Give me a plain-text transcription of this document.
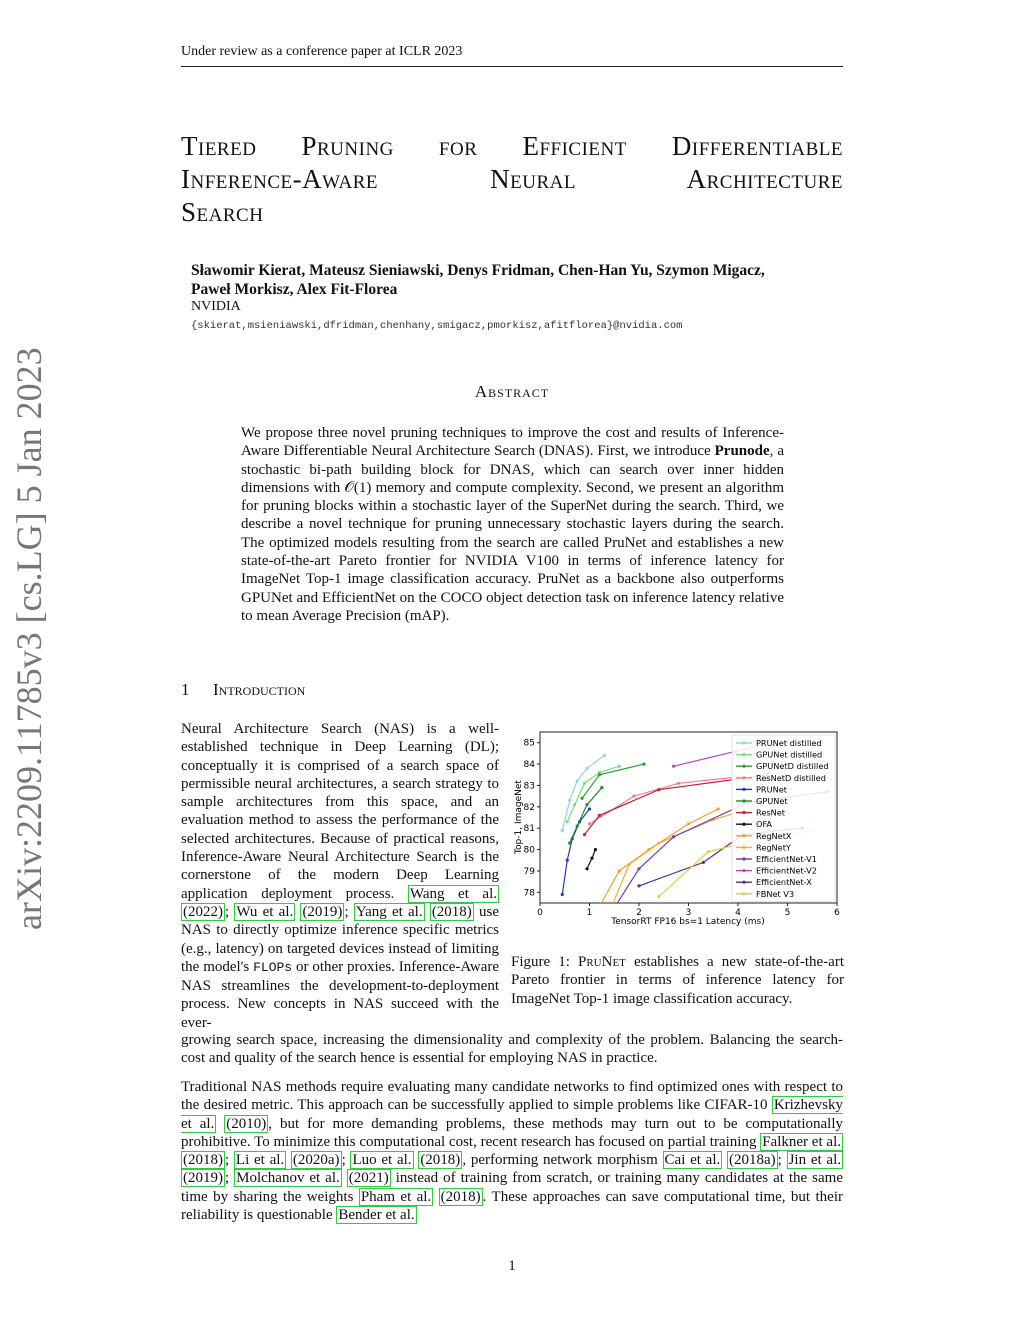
Under review as a conference paper at ICLR 2023
Tiered Pruning for Efficient Differentiable
Inference-Aware Neural Architecture
Search
Sławomir Kierat, Mateusz Sieniawski, Denys Fridman, Chen-Han Yu, Szymon Migacz,
Paweł Morkisz, Alex Fit-Florea
NVIDIA
{skierat,msieniawski,dfridman,chenhany,smigacz,pmorkisz,afitflorea}@nvidia.com
arXiv:2209.11785v3 [cs.LG] 5 Jan 2023	Abstract
We propose three novel pruning techniques to improve the cost and results of Inference-Aware Differentiable Neural Architecture Search (DNAS). First, we introduce Prunode, a stochastic bi-path building block for DNAS, which can search over inner hidden dimensions with 𝒪(1) memory and compute complexity. Second, we present an algorithm for pruning blocks within a stochastic layer of the SuperNet during the search. Third, we describe a novel technique for pruning unnecessary stochastic layers during the search. The optimized models resulting from the search are called PruNet and establishes a new state-of-the-art Pareto frontier for NVIDIA V100 in terms of inference latency for ImageNet Top-1 image classification accuracy. PruNet as a backbone also outperforms GPUNet and EfficientNet on the COCO object detection task on inference latency relative to mean Average Precision (mAP).
1 Introduction
Neural Architecture Search (NAS) is a well-established technique in Deep Learning (DL); conceptually it is comprised of a search space of permissible neural architectures, a search strategy to sample architectures from this space, and an evaluation method to assess the performance of the selected architectures. Because of practical reasons, Inference-Aware Neural Architecture Search is the cornerstone of the modern Deep Learning application deployment process. Wang et al. (2022) ; Wu et al. (2019) ; Yang et al. (2018) use NAS to directly optimize inference specific metrics (e.g., latency) on targeted devices instead of limiting the model's FLOPs or other proxies. Inference-Aware NAS streamlines the development-to-deployment process. New concepts in NAS succeed with the ever-
growing search space, increasing the dimensionality and complexity of the problem. Balancing the search-cost and quality of the search hence is essential for employing NAS in practice.
Traditional NAS methods require evaluating many candidate networks to find optimized ones with respect to the desired metric. This approach can be successfully applied to simple problems like CIFAR-10 Krizhevsky et al. (2010) , but for more demanding problems, these methods may turn out to be computationally prohibitive. To minimize this computational cost, recent research has focused on partial training Falkner et al. (2018) ; Li et al. (2020a) ; Luo et al. (2018) , performing network morphism Cai et al. (2018a) ; Jin et al. (2019) ; Molchanov et al. (2021) instead of training from scratch, or training many candidates at the same time by sharing the weights Pham et al. (2018) . These approaches can save computational time, but their reliability is questionable Bender et al.
0	1	2	3	4	5	6
78
79
80
81
82
83
84
85	PRUNet distilled
GPUNet distilled
GPUNetD distilled
ResNetD distilled
PRUNet
GPUNet
ResNet
OFA
RegNetX
RegNetY
EfficientNet-V1
EfficientNet-V2
EfficientNet-X
FBNet V3
TensorRT FP16 bs=1 Latency (ms)
Top-1, ImageNet
Figure 1: PruNet establishes a new state-of-the-art Pareto frontier in terms of inference latency for ImageNet Top-1 image classification accuracy.
1
